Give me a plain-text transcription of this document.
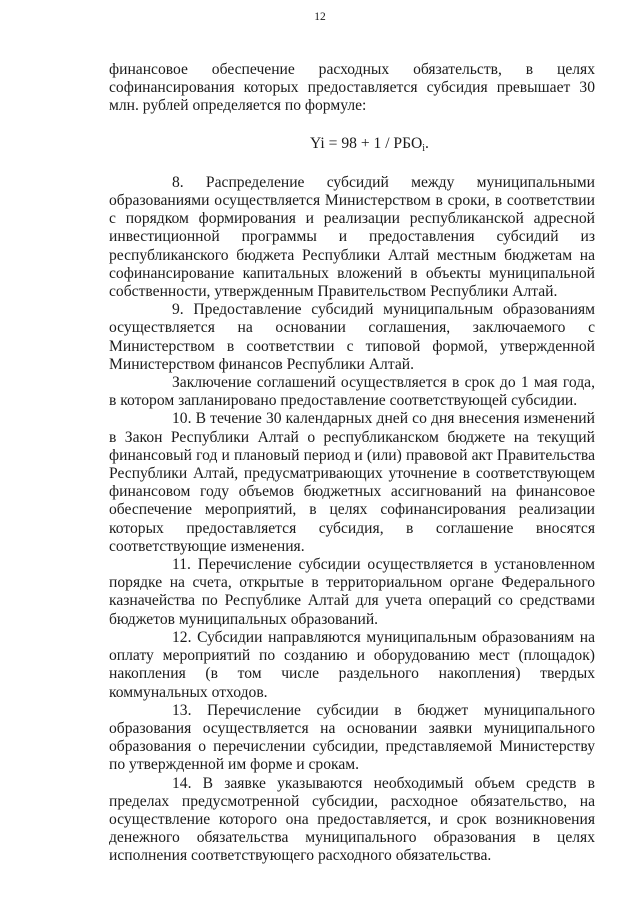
12

финансовое обеспечение расходных обязательств, в целях софинансирования которых предоставляется субсидия превышает 30 млн. рублей определяется по формуле:

$Yi = 98 + 1 / РБО_i$.

8. Распределение субсидий между муниципальными образованиями осуществляется Министерством в сроки, в соответствии с порядком формирования и реализации республиканской адресной инвестиционной программы и предоставления субсидий из республиканского бюджета Республики Алтай местным бюджетам на софинансирование капитальных вложений в объекты муниципальной собственности, утвержденным Правительством Республики Алтай.

9. Предоставление субсидий муниципальным образованиям осуществляется на основании соглашения, заключаемого с Министерством в соответствии с типовой формой, утвержденной Министерством финансов Республики Алтай.

Заключение соглашений осуществляется в срок до 1 мая года, в котором запланировано предоставление соответствующей субсидии.

10. В течение 30 календарных дней со дня внесения изменений в Закон Республики Алтай о республиканском бюджете на текущий финансовый год и плановый период и (или) правовой акт Правительства Республики Алтай, предусматривающих уточнение в соответствующем финансовом году объемов бюджетных ассигнований на финансовое обеспечение мероприятий, в целях софинансирования реализации которых предоставляется субсидия, в соглашение вносятся соответствующие изменения.

11. Перечисление субсидии осуществляется в установленном порядке на счета, открытые в территориальном органе Федерального казначейства по Республике Алтай для учета операций со средствами бюджетов муниципальных образований.

12. Субсидии направляются муниципальным образованиям на оплату мероприятий по созданию и оборудованию мест (площадок) накопления (в том числе раздельного накопления) твердых коммунальных отходов.

13. Перечисление субсидии в бюджет муниципального образования осуществляется на основании заявки муниципального образования о перечислении субсидии, представляемой Министерству по утвержденной им форме и срокам.

14. В заявке указываются необходимый объем средств в пределах предусмотренной субсидии, расходное обязательство, на осуществление которого она предоставляется, и срок возникновения денежного обязательства муниципального образования в целях исполнения соответствующего расходного обязательства.
